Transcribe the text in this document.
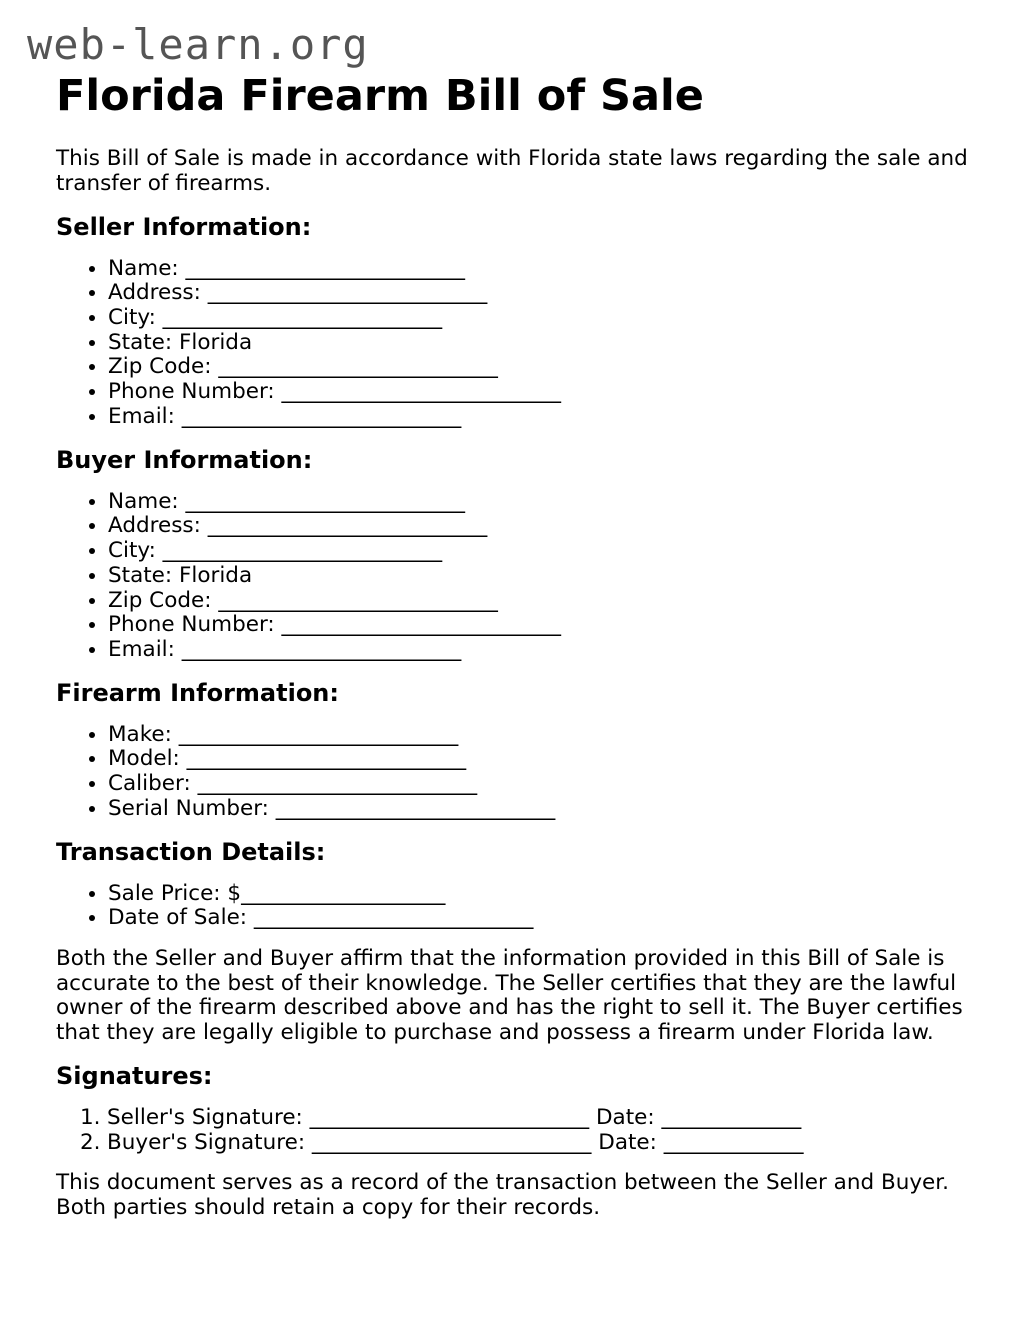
web-learn.org
Florida Firearm Bill of Sale

This Bill of Sale is made in accordance with Florida state laws regarding the sale and transfer of firearms.

Seller Information:
• Name: __________________________
• Address: __________________________
• City: __________________________
• State: Florida
• Zip Code: __________________________
• Phone Number: __________________________
• Email: __________________________
Buyer Information:
• Name: __________________________
• Address: __________________________
• City: __________________________
• State: Florida
• Zip Code: __________________________
• Phone Number: __________________________
• Email: __________________________
Firearm Information:
• Make: __________________________
• Model: __________________________
• Caliber: __________________________
• Serial Number: __________________________
Transaction Details:
• Sale Price: $___________________
• Date of Sale: __________________________

Both the Seller and Buyer affirm that the information provided in this Bill of Sale is accurate to the best of their knowledge. The Seller certifies that they are the lawful owner of the firearm described above and has the right to sell it. The Buyer certifies that they are legally eligible to purchase and possess a firearm under Florida law.

Signatures:
1. Seller's Signature: __________________________ Date: _____________
2. Buyer's Signature: __________________________ Date: _____________

This document serves as a record of the transaction between the Seller and Buyer. Both parties should retain a copy for their records.
